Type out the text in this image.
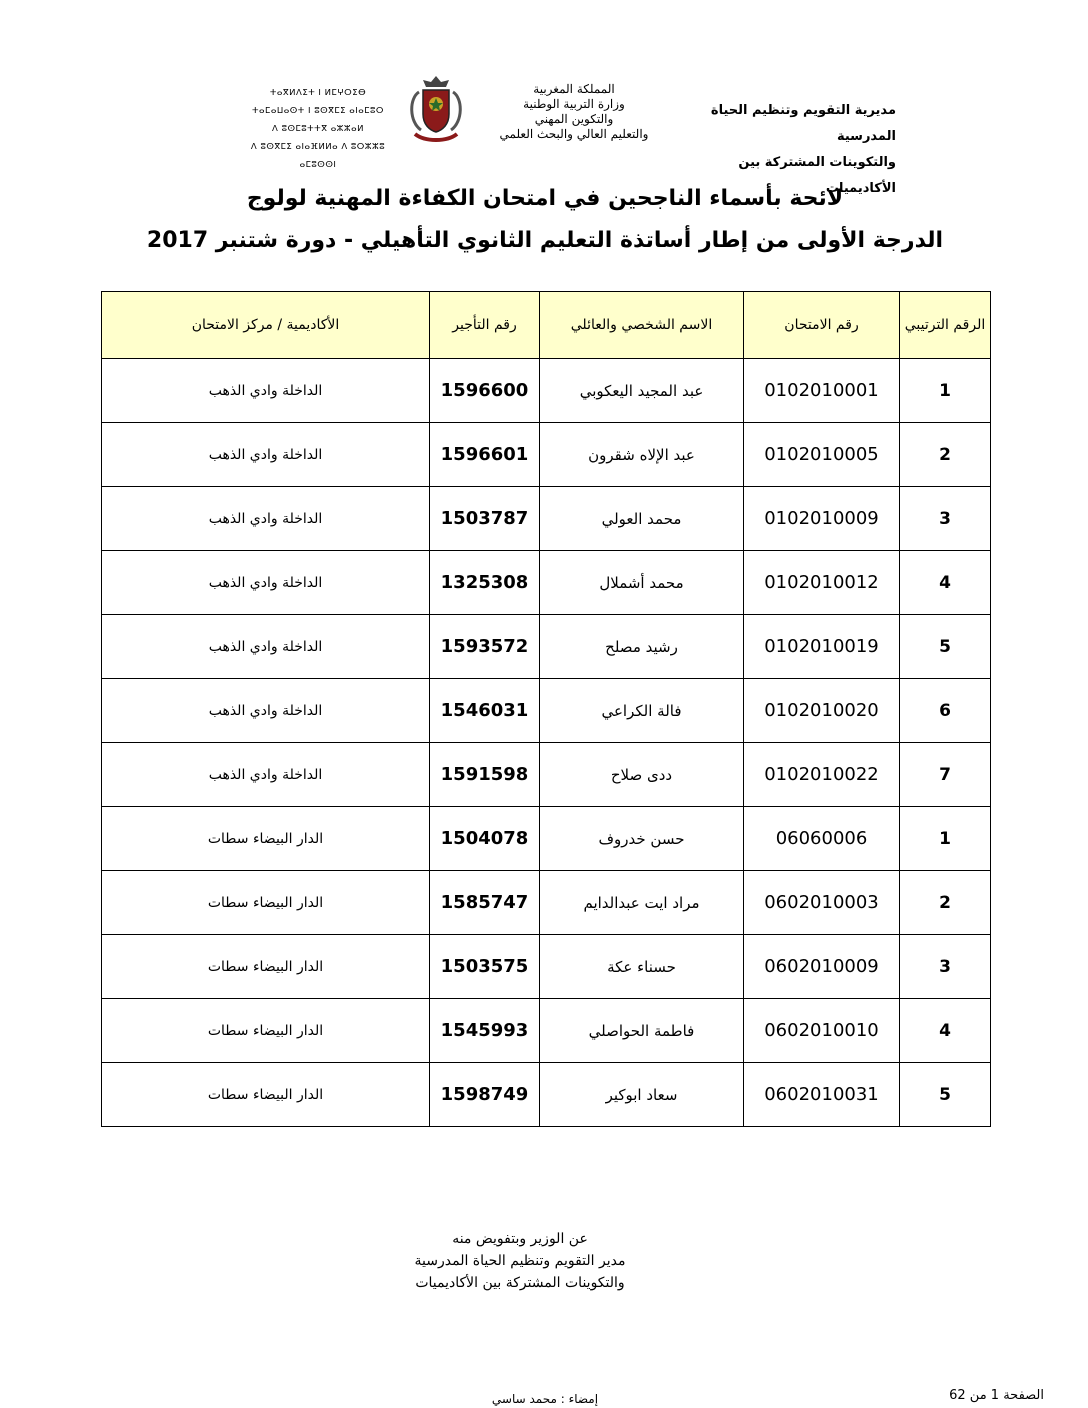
مديرية التقويم وتنظيم الحياة المدرسية
والتكوينات المشتركة بين الأكاديميات
المملكة المغربية
وزارة التربية الوطنية
والتكوين المهني
والتعليم العالي والبحث العلمي
ⵜⴰⴳⵍⴷⵉⵜ ⵏ ⵍⵎⵖⵔⵉⴱ
ⵜⴰⵎⴰⵡⴰⵙⵜ ⵏ ⵓⵙⴳⵎⵉ ⴰⵏⴰⵎⵓⵔ
ⴷ ⵓⵙⵎⵓⵜⵜⴳ ⴰⵣⵣⴰⵍ
ⴷ ⵓⵙⴳⵎⵉ ⴰⵏⴰⴼⵍⵍⴰ ⴷ ⵓⵔⵣⵣⵓ ⴰⵎⵓⵙⵙⵏ
لائحة بأسماء الناجحين في امتحان الكفاءة المهنية لولوج
الدرجة الأولى من إطار أساتذة التعليم الثانوي التأهيلي - دورة شتنبر 2017
الرقم الترتيبي	رقم الامتحان	الاسم الشخصي والعائلي	رقم التأجير	الأكاديمية / مركز الامتحان
1	0102010001	عبد المجيد اليعكوبي	1596600	الداخلة وادي الذهب
2	0102010005	عبد الإلاه شقرون	1596601	الداخلة وادي الذهب
3	0102010009	محمد العولي	1503787	الداخلة وادي الذهب
4	0102010012	محمد أشملال	1325308	الداخلة وادي الذهب
5	0102010019	رشيد مصلح	1593572	الداخلة وادي الذهب
6	0102010020	فالة الكراعي	1546031	الداخلة وادي الذهب
7	0102010022	ددى صلاح	1591598	الداخلة وادي الذهب
1	06060006	حسن خدروف	1504078	الدار البيضاء سطات
2	0602010003	مراد ايت عبدالدايم	1585747	الدار البيضاء سطات
3	0602010009	حسناء عكة	1503575	الدار البيضاء سطات
4	0602010010	فاطمة الحواصلي	1545993	الدار البيضاء سطات
5	0602010031	سعاد ابوكير	1598749	الدار البيضاء سطات
عن الوزير وبتفويض منه
مدير التقويم وتنظيم الحياة المدرسية
والتكوينات المشتركة بين الأكاديميات
إمضاء : محمد ساسي	الصفحة 1 من 62
